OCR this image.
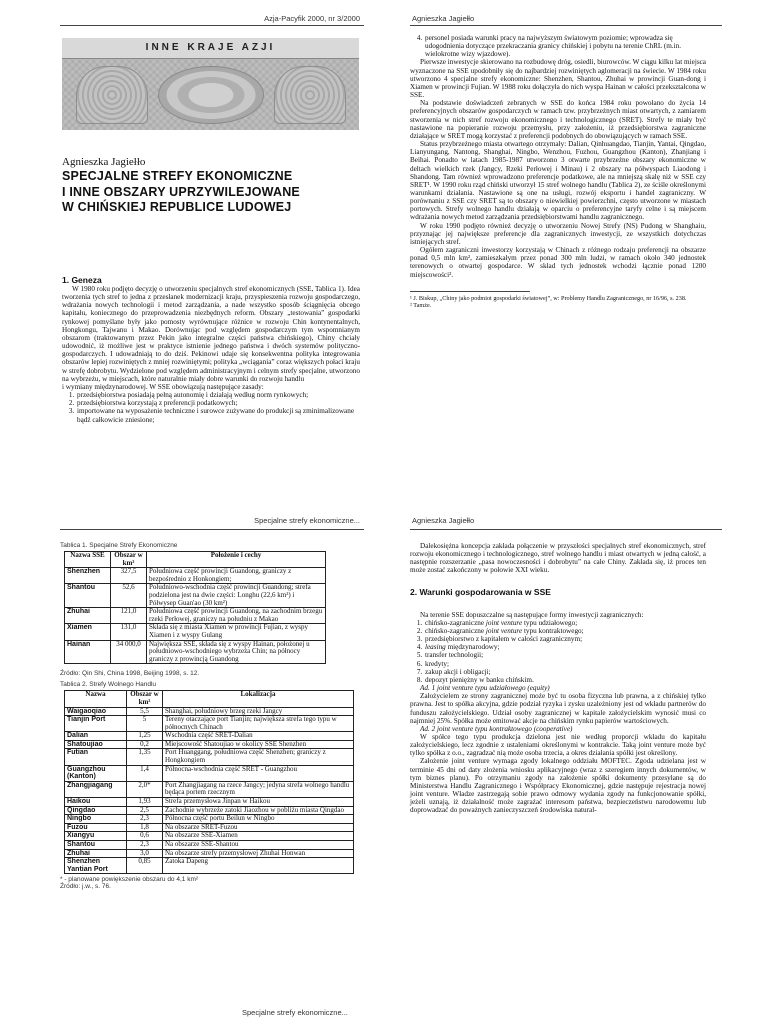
Azja-Pacyfik 2000, nr 3/2000
INNE KRAJE AZJI
Agnieszka Jagiełło
SPECJALNE STREFY EKONOMICZNE
I INNE OBSZARY UPRZYWILEJOWANE
W CHIŃSKIEJ REPUBLICE LUDOWEJ
1. Geneza

W 1980 roku podjęto decyzję o utworzeniu specjalnych stref ekonomicznych (SSE, Tablica 1). Idea tworzenia tych stref to jedna z przesłanek modernizacji kraju, przyspieszenia rozwoju gospodarczego, wdrażania nowych technologii i metod zarządzania, a nade wszystko sposób ściągnięcia obcego kapitału, koniecznego do przeprowadzenia niezbędnych reform. Obszary „testowania” gospodarki rynkowej pomyślane były jako pomosty wyrównujące różnice w rozwoju Chin kontynentalnych, Hongkongu, Tajwanu i Makao. Dorównując pod względem gospodarczym tym wspomnianym obszarom (traktowanym przez Pekin jako integralne części państwa chińskiego), Chiny chciały udowodnić, iż możliwe jest w praktyce istnienie jednego państwa i dwóch systemów polityczno-gospodarczych. I udowadniają to do dziś. Pekinowi udaje się konsekwentna polityka integrowania obszarów lepiej rozwiniętych z mniej rozwiniętymi; polityka „wciągania” coraz większych połaci kraju w strefę dobrobytu. Wydzielone pod względem administracyjnym i celnym strefy specjalne, utworzono na wybrzeżu, w miejscach, które naturalnie miały dobre warunki do rozwoju handlu

i wymiany międzynarodowej. W SSE obowiązują następujące zasady:

1. przedsiębiorstwa posiadają pełną autonomię i działają według norm rynkowych;
2. przedsiębiorstwa korzystają z preferencji podatkowych;
3. importowane na wyposażenie techniczne i surowce zużywane do produkcji są zminimalizowane bądź całkowicie zniesione;
Agnieszka Jagiełło
4. personel posiada warunki pracy na najwyższym światowym poziomie; wprowadza się udogodnienia dotyczące przekraczania granicy chińskiej i pobytu na terenie ChRL (m.in. wielokrotne wizy wjazdowe).

Pierwsze inwestycje skierowano na rozbudowę dróg, osiedli, biurowców. W ciągu kilku lat miejsca wyznaczone na SSE upodobniły się do najbardziej rozwiniętych aglomeracji na świecie. W 1984 roku utworzono 4 specjalne strefy ekonomiczne: Shenzhen, Shantou, Zhuhai w prowincji Guan-dong i Xiamen w prowincji Fujian. W 1988 roku dołączyła do nich wyspa Hainan w całości przekształcona w SSE.

Na podstawie doświadczeń zebranych w SSE do końca 1984 roku powołano do życia 14 preferencyjnych obszarów gospodarczych w ramach tzw. przybrzeżnych miast otwartych, z zamiarem stworzenia w nich stref rozwoju ekonomicznego i technologicznego (SRET). Strefy te miały być nastawione na popieranie rozwoju przemysłu, przy założeniu, iż przedsiębiorstwa zagraniczne działające w SRET mogą korzystać z preferencji podobnych do obowiązujących w ramach SSE.

Status przybrzeżnego miasta otwartego otrzymały: Dalian, Qinhuangdao, Tianjin, Yantai, Qingdao, Lianyungang, Nantong, Shanghai, Ningbo, Wenzhou, Fuzhou, Guangzhou (Kanton), Zhanjiang i Beihai. Ponadto w latach 1985-1987 utworzono 3 otwarte przybrzeżne obszary ekonomiczne w deltach wielkich rzek (Jangcy, Rzeki Perłowej i Minau) i 2 obszary na półwyspach Liaodong i Shandong. Tam również wprowadzono preferencje podatkowe, ale na mniejszą skalę niż w SSE czy SRET¹. W 1990 roku rząd chiński utworzył 15 stref wolnego handlu (Tablica 2), ze ściśle określonymi warunkami działania. Nastawione są one na usługi, rozwój eksportu i handel zagraniczny. W porównaniu z SSE czy SRET są to obszary o niewielkiej powierzchni, często utworzone w miastach portowych. Strefy wolnego handlu działają w oparciu o preferencyjne taryfy celne i są miejscem wdrażania nowych metod zarządzania przedsiębiorstwami handlu zagranicznego.

W roku 1990 podjęto również decyzję o utworzeniu Nowej Strefy (NS) Pudong w Shanghaiu, przyznając jej największe preferencje dla zagranicznych inwestycji, ze wszystkich dotychczas istniejących stref.

Ogółem zagraniczni inwestorzy korzystają w Chinach z różnego rodzaju preferencji na obszarze ponad 0,5 mln km², zamieszkałym przez ponad 300 mln ludzi, w ramach około 340 jednostek terenowych o otwartej gospodarce. W skład tych jednostek wchodzi łącznie ponad 1200 miejscowości².

¹ J. Biskup, „Chiny jako podmiot gospodarki światowej”, w: Problemy Handlu Zagranicznego, nr 16/96, s. 238.

² Tamże.

Specjalne strefy ekonomiczne...
Tablica 1. Specjalne Strefy Ekonomiczne
Nazwa SSE	Obszar w km²	Położenie i cechy
Shenzhen	327,5	Południowa część prowincji Guandong, graniczy z bezpośrednio z Honkongiem;
Shantou	52,6	Południowo-wschodnia część prowincji Guandong; strefa podzielona jest na dwie części: Longhu (22,6 km²) i Półwysep Guan'ao (30 km²)
Zhuhai	121,0	Południowa część prowincji Guandong, na zachodnim brzegu rzeki Perłowej, graniczy na południu z Makao
Xiamen	131,0	Składa się z miasta Xiamen w prowincji Fujian, z wyspy Xiamen i z wyspy Gulang
Hainan	34 000,0	Największa SSE, składa się z wyspy Hainan, położonej u południowo-wschodniego wybrzeża Chin; na północy graniczy z prowincją Guandong
Źródło: Qin Shi, China 1998, Beijing 1998, s. 12.
Tablica 2. Strefy Wolnego Handlu
Nazwa	Obszar w km²	Lokalizacja
Waigaoqiao	5,5	Shanghai, południowy brzeg rzeki Jangcy
Tianjin Port	5	Tereny otaczające port Tianjin; największa strefa tego typu w północnych Chinach
Dalian	1,25	Wschodnia część SRET-Dalian
Shatoujiao	0,2	Miejscowość Shatoujiao w okolicy SSE Shenzhen
Futian	1,35	Port Huanggang, południowa część Shenzhen; graniczy z Hongkongiem
Guangzhou (Kanton)	1,4	Północna-wschodnia część SRET - Guangzhou
Zhangjiagang	2,0*	Port Zhangjiagang na rzece Jangcy; jedyna strefa wolnego handlu będąca portem rzecznym
Haikou	1,93	Strefa przemysłowa Jinpan w Haikou
Qingdao	2,5	Zachodnie wybrzeże zatoki Jiaozhou w pobliżu miasta Qingdao
Ningbo	2,3	Północna część portu Beilun w Ningbo
Fuzou	1,8	Na obszarze SRET-Fuzou
Xiangyu	0,6	Na obszarze SSE-Xiamen
Shantou	2,3	Na obszarze SSE-Shantou
Zhuhai	3,0	Na obszarze strefy przemysłowej Zhuhai Honwan
Shenzhen Yantian Port	0,85	Zatoka Dapeng
* - planowane powiększenie obszaru do 4,1 km²
Źródło: j.w., s. 76.
Agnieszka Jagiełło

Dalekosiężna koncepcja zakłada połączenie w przyszłości specjalnych stref ekonomicznych, stref rozwoju ekonomicznego i technologicznego, stref wolnego handlu i miast otwartych w jedną całość, a następnie rozszerzanie „pasa nowoczesności i dobrobytu” na całe Chiny. Zakłada się, iż proces ten może zostać zakończony w połowie XXI wieku.

2. Warunki gospodarowania w SSE

Na terenie SSE dopuszczalne są następujące formy inwestycji zagranicznych:

1. chińsko-zagraniczne joint venture typu udziałowego;
2. chińsko-zagraniczne joint venture typu kontraktowego;
3. przedsiębiorstwo z kapitałem w całości zagranicznym;
4. leasing międzynarodowy;
5. transfer technologii;
6. kredyty;
7. zakup akcji i obligacji;
8. depozyt pieniężny w banku chińskim.

Ad. 1 joint venture typu udziałowego (equity)

Założycielem ze strony zagranicznej może być tu osoba fizyczna lub prawna, a z chińskiej tylko prawna. Jest to spółka akcyjna, gdzie podział ryzyka i zysku uzależniony jest od wkładu partnerów do funduszu założycielskiego. Udział osoby zagranicznej w kapitale założycielskim wynosić musi co najmniej 25%. Spółka może emitować akcje na chińskim rynku papierów wartościowych.

Ad. 2 joint venture typu kontraktowego (cooperative)

W spółce tego typu produkcja dzielona jest nie według proporcji wkładu do kapitału założycielskiego, lecz zgodnie z ustaleniami określonymi w kontrakcie. Taką joint venture może być tylko spółka z o.o., zagradzać nią może osoba trzecia, a okres działania spółki jest określony.

Założenie joint venture wymaga zgody lokalnego oddziału MOFTEC. Zgoda udzielana jest w terminie 45 dni od daty złożenia wniosku aplikacyjnego (wraz z szeregiem innych dokumentów, w tym biznes planu). Po otrzymaniu zgody na założenie spółki dokumenty przesyłane są do Ministerstwa Handlu Zagranicznego i Współpracy Ekonomicznej, gdzie następuje rejestracja nowej joint venture. Władze zastrzegają sobie prawo odmowy wydania zgody na funkcjonowanie spółki, jeżeli uznają, iż działalność może zagrażać interesom państwa, bezpieczeństwu narodowemu lub doprowadzać do poważnych zanieczyszczeń środowiska natural-

Specjalne strefy ekonomiczne...
